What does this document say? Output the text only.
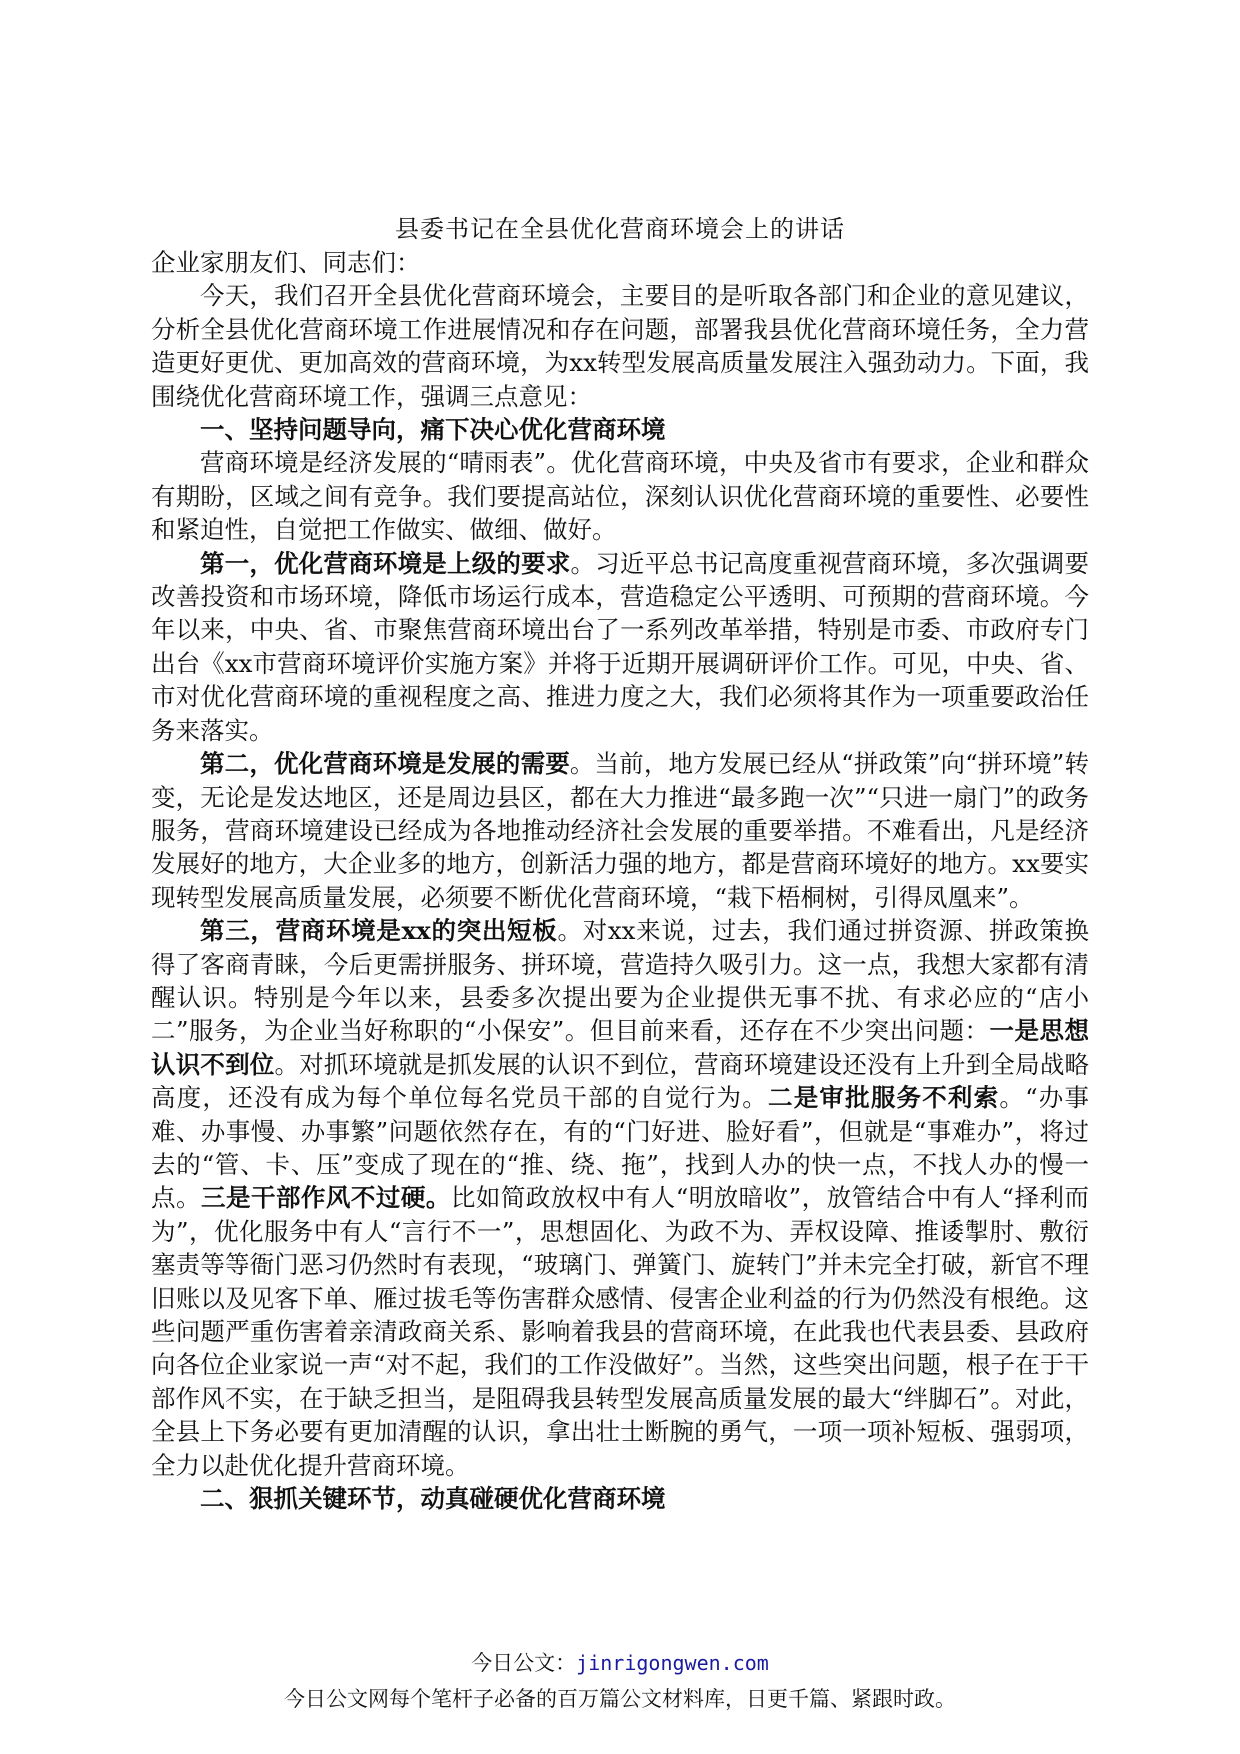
县委书记在全县优化营商环境会上的讲话

企业家朋友们、同志们：

今天，我们召开全县优化营商环境会，主要目的是听取各部门和企业的意见建议，分析全县优化营商环境工作进展情况和存在问题，部署我县优化营商环境任务，全力营造更好更优、更加高效的营商环境，为xx转型发展高质量发展注入强劲动力。下面，我围绕优化营商环境工作，强调三点意见：

一、坚持问题导向，痛下决心优化营商环境

营商环境是经济发展的“晴雨表”。优化营商环境，中央及省市有要求，企业和群众有期盼，区域之间有竞争。我们要提高站位，深刻认识优化营商环境的重要性、必要性和紧迫性，自觉把工作做实、做细、做好。

第一，优化营商环境是上级的要求。习近平总书记高度重视营商环境，多次强调要改善投资和市场环境，降低市场运行成本，营造稳定公平透明、可预期的营商环境。今年以来，中央、省、市聚焦营商环境出台了一系列改革举措，特别是市委、市政府专门出台《xx市营商环境评价实施方案》并将于近期开展调研评价工作。可见，中央、省、市对优化营商环境的重视程度之高、推进力度之大，我们必须将其作为一项重要政治任务来落实。

第二，优化营商环境是发展的需要。当前，地方发展已经从“拼政策”向“拼环境”转变，无论是发达地区，还是周边县区，都在大力推进“最多跑一次”“只进一扇门”的政务服务，营商环境建设已经成为各地推动经济社会发展的重要举措。不难看出，凡是经济发展好的地方，大企业多的地方，创新活力强的地方，都是营商环境好的地方。xx要实现转型发展高质量发展，必须要不断优化营商环境，“栽下梧桐树，引得凤凰来”。

第三，营商环境是xx的突出短板。对xx来说，过去，我们通过拼资源、拼政策换得了客商青睐，今后更需拼服务、拼环境，营造持久吸引力。这一点，我想大家都有清醒认识。特别是今年以来，县委多次提出要为企业提供无事不扰、有求必应的“店小二”服务，为企业当好称职的“小保安”。但目前来看，还存在不少突出问题：一是思想认识不到位。对抓环境就是抓发展的认识不到位，营商环境建设还没有上升到全局战略高度，还没有成为每个单位每名党员干部的自觉行为。二是审批服务不利索。“办事难、办事慢、办事繁”问题依然存在，有的“门好进、脸好看”，但就是“事难办”，将过去的“管、卡、压”变成了现在的“推、绕、拖”，找到人办的快一点，不找人办的慢一点。三是干部作风不过硬。比如简政放权中有人“明放暗收”，放管结合中有人“择利而为”，优化服务中有人“言行不一”，思想固化、为政不为、弄权设障、推诿掣肘、敷衍塞责等等衙门恶习仍然时有表现，“玻璃门、弹簧门、旋转门”并未完全打破，新官不理旧账以及见客下单、雁过拔毛等伤害群众感情、侵害企业利益的行为仍然没有根绝。这些问题严重伤害着亲清政商关系、影响着我县的营商环境，在此我也代表县委、县政府向各位企业家说一声“对不起，我们的工作没做好”。当然，这些突出问题，根子在于干部作风不实，在于缺乏担当，是阻碍我县转型发展高质量发展的最大“绊脚石”。对此，全县上下务必要有更加清醒的认识，拿出壮士断腕的勇气，一项一项补短板、强弱项，全力以赴优化提升营商环境。

二、狠抓关键环节，动真碰硬优化营商环境

今日公文：jinrigongwen.com
今日公文网每个笔杆子必备的百万篇公文材料库，日更千篇、紧跟时政。
